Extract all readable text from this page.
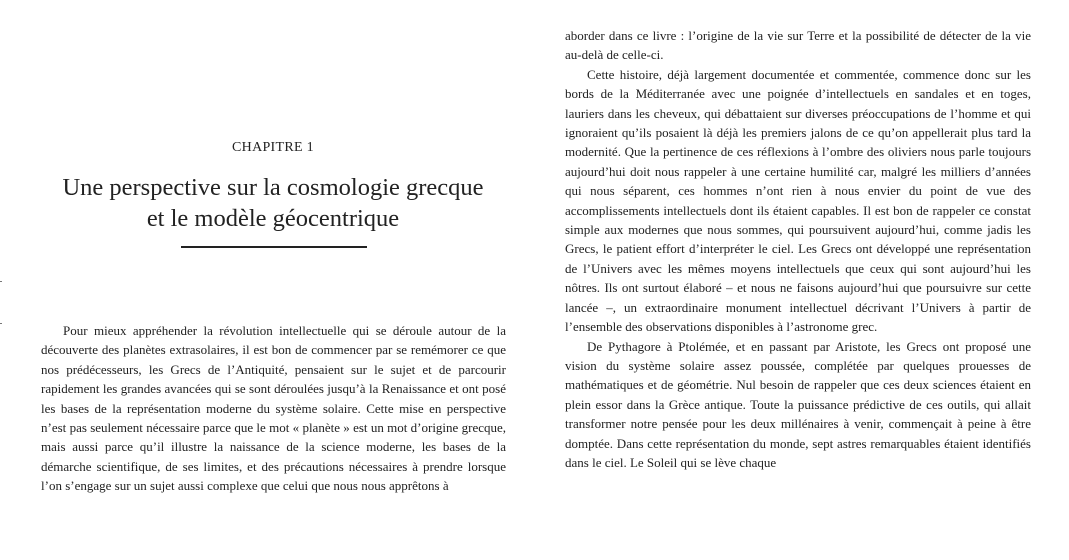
CHAPITRE 1
Une perspective sur la cosmologie grecque
et le modèle géocentrique

Pour mieux appréhender la révolution intellectuelle qui se déroule autour de la découverte des planètes extrasolaires, il est bon de commencer par se remémorer ce que nos prédécesseurs, les Grecs de l’Antiquité, pensaient sur le sujet et de parcourir rapidement les grandes avancées qui se sont déroulées jusqu’à la Renaissance et ont posé les bases de la représentation moderne du système solaire. Cette mise en perspective n’est pas seulement nécessaire parce que le mot « planète » est un mot d’origine grecque, mais aussi parce qu’il illustre la naissance de la science moderne, les bases de la démarche scientifique, de ses limites, et des précautions nécessaires à prendre lorsque l’on s’engage sur un sujet aussi complexe que celui que nous nous apprêtons à

aborder dans ce livre : l’origine de la vie sur Terre et la possibilité de détecter de la vie au-delà de celle-ci.

Cette histoire, déjà largement documentée et commentée, commence donc sur les bords de la Méditerranée avec une poignée d’intellectuels en sandales et en toges, lauriers dans les cheveux, qui débattaient sur diverses préoccupations de l’homme et qui ignoraient qu’ils posaient là déjà les premiers jalons de ce qu’on appellerait plus tard la modernité. Que la pertinence de ces réflexions à l’ombre des oliviers nous parle toujours aujourd’hui doit nous rappeler à une certaine humilité car, malgré les milliers d’années qui nous séparent, ces hommes n’ont rien à nous envier du point de vue des accomplissements intellectuels dont ils étaient capables. Il est bon de rappeler ce constat simple aux modernes que nous sommes, qui poursuivent aujourd’hui, comme jadis les Grecs, le patient effort d’interpréter le ciel. Les Grecs ont développé une représentation de l’Univers avec les mêmes moyens intellectuels que ceux qui sont aujourd’hui les nôtres. Ils ont surtout élaboré – et nous ne faisons aujourd’hui que poursuivre sur cette lancée –, un extraordinaire monument intellectuel décrivant l’Univers à partir de l’ensemble des observations disponibles à l’astronome grec.

De Pythagore à Ptolémée, et en passant par Aristote, les Grecs ont proposé une vision du système solaire assez poussée, complétée par quelques prouesses de mathématiques et de géométrie. Nul besoin de rappeler que ces deux sciences étaient en plein essor dans la Grèce antique. Toute la puissance prédictive de ces outils, qui allait transformer notre pensée pour les deux millénaires à venir, commençait à peine à être domptée. Dans cette représentation du monde, sept astres remarquables étaient identifiés dans le ciel. Le Soleil qui se lève chaque
